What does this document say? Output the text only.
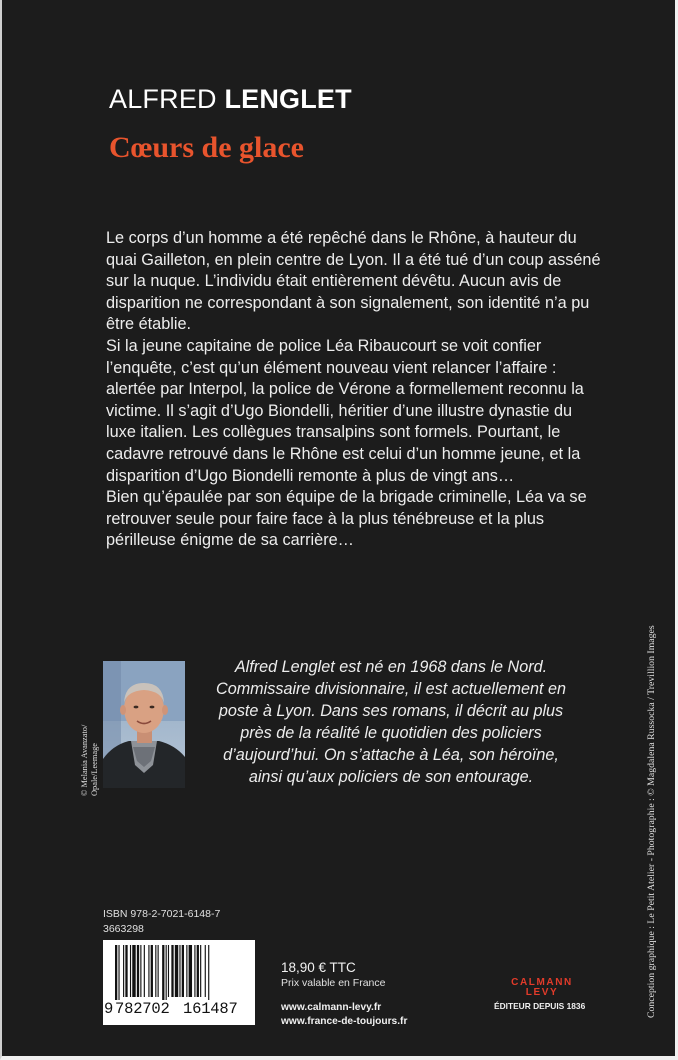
ALFRED LENGLET
Cœurs de glace

Le corps d’un homme a été repêché dans le Rhône, à hauteur du quai Gailleton, en plein centre de Lyon. Il a été tué d’un coup asséné sur la nuque. L’individu était entièrement dévêtu. Aucun avis de disparition ne correspondant à son signalement, son identité n’a pu être établie.

Si la jeune capitaine de police Léa Ribaucourt se voit confier l’enquête, c’est qu’un élément nouveau vient relancer l’affaire : alertée par Interpol, la police de Vérone a formellement reconnu la victime. Il s’agit d’Ugo Biondelli, héritier d’une illustre dynastie du luxe italien. Les collègues transalpins sont formels. Pourtant, le cadavre retrouvé dans le Rhône est celui d’un homme jeune, et la disparition d’Ugo Biondelli remonte à plus de vingt ans…

Bien qu’épaulée par son équipe de la brigade criminelle, Léa va se retrouver seule pour faire face à la plus ténébreuse et la plus périlleuse énigme de sa carrière…

© Melania Avanzato/ Opale/Leemage
Alfred Lenglet est né en 1968 dans le Nord. Commissaire divisionnaire, il est actuellement en poste à Lyon. Dans ses romans, il décrit au plus près de la réalité le quotidien des policiers d’aujourd’hui. On s’attache à Léa, son héroïne, ainsi qu’aux policiers de son entourage.	Conception graphique : Le Petit Atelier - Photographie : © Magdalena Russocka / Trevillion Images
ISBN 978-2-7021-6148-7
3663298
9 782702 161487
18,90 € TTC
Prix valable en France
www.calmann-levy.fr
www.france-de-toujours.fr
CALMANN
LEVY
ÉDITEUR DEPUIS 1836
